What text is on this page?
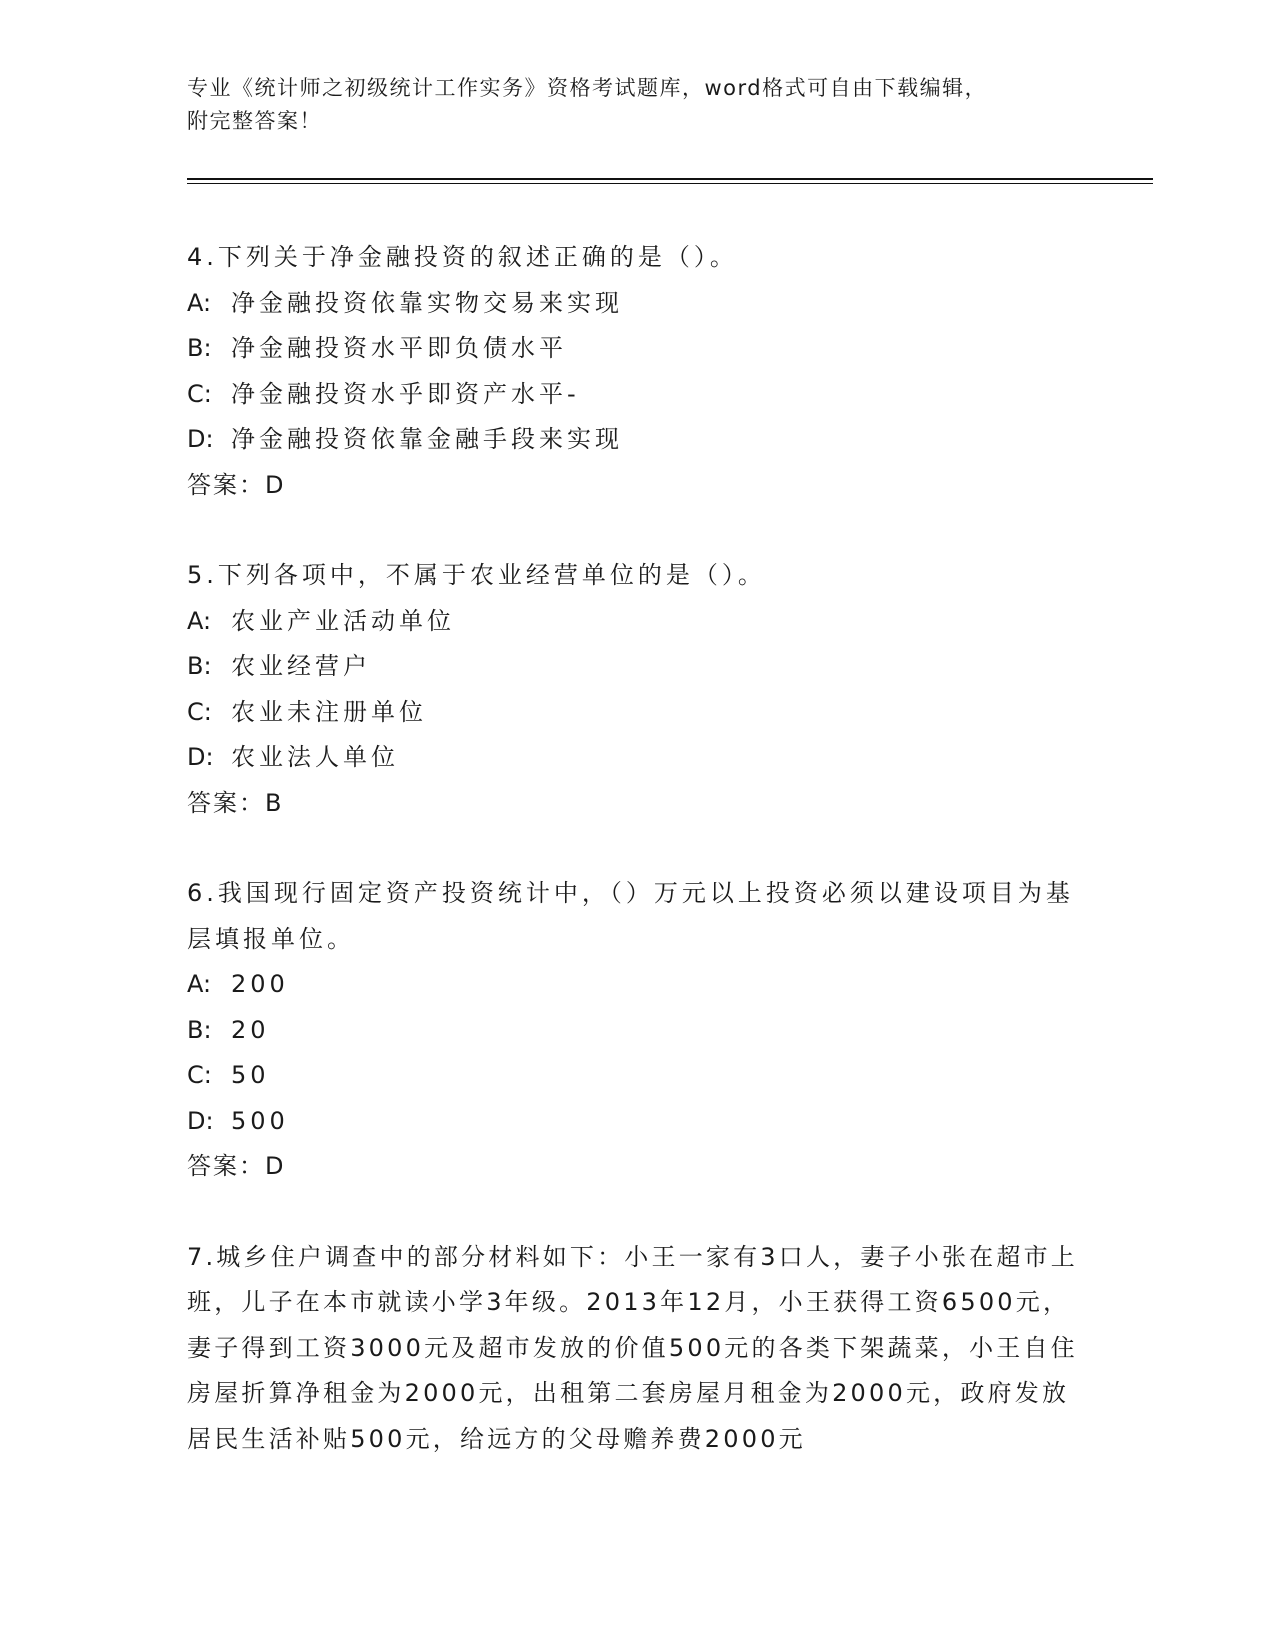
专业《统计师之初级统计工作实务》资格考试题库，word格式可自由下载编辑，
附完整答案！
4.下列关于净金融投资的叙述正确的是（）。
A: 净金融投资依靠实物交易来实现
B: 净金融投资水平即负债水平
C: 净金融投资水乎即资产水平-
D: 净金融投资依靠金融手段来实现
答案：D
5.下列各项中，不属于农业经营单位的是（）。
A: 农业产业活动单位
B: 农业经营户
C: 农业未注册单位
D: 农业法人单位
答案：B
6.我国现行固定资产投资统计中，（）万元以上投资必须以建设项目为基层填报单位。
A: 200
B: 20
C: 50
D: 500
答案：D
7.城乡住户调查中的部分材料如下：小王一家有3口人，妻子小张在超市上班，儿子在本市就读小学3年级。2013年12月，小王获得工资6500元，妻子得到工资3000元及超市发放的价值500元的各类下架蔬菜，小王自住房屋折算净租金为2000元，出租第二套房屋月租金为2000元，政府发放居民生活补贴500元，给远方的父母赡养费2000元
